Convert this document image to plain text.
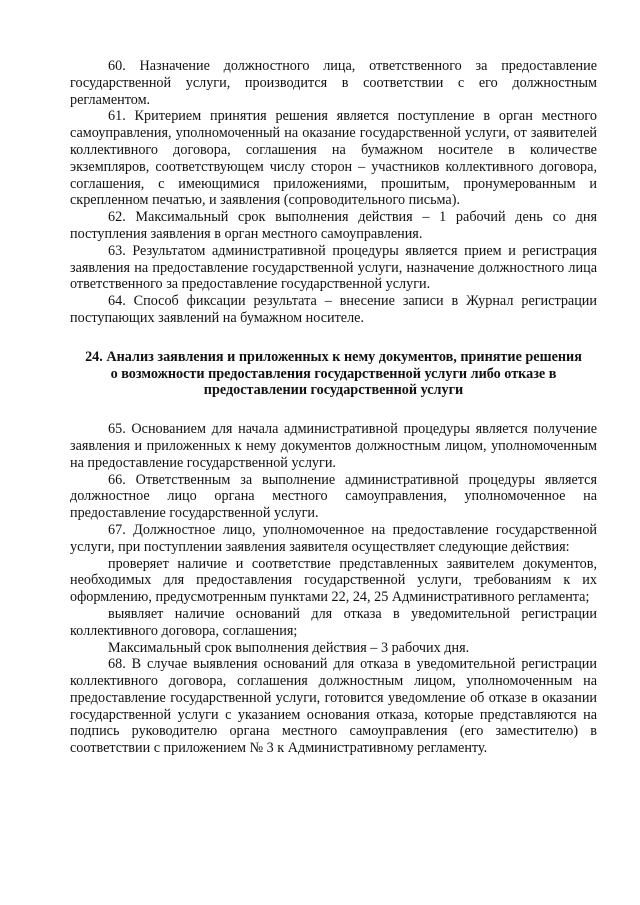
60. Назначение должностного лица, ответственного за предоставление государственной услуги, производится в соответствии с его должностным регламентом.

61. Критерием принятия решения является поступление в орган местного самоуправления, уполномоченный на оказание государственной услуги, от заявителей коллективного договора, соглашения на бумажном носителе в количестве экземпляров, соответствующем числу сторон – участников коллективного договора, соглашения, с имеющимися приложениями, прошитым, пронумерованным и скрепленном печатью, и заявления (сопроводительного письма).

62. Максимальный срок выполнения действия – 1 рабочий день со дня поступления заявления в орган местного самоуправления.

63. Результатом административной процедуры является прием и регистрация заявления на предоставление государственной услуги, назначение должностного лица ответственного за предоставление государственной услуги.

64. Способ фиксации результата – внесение записи в Журнал регистрации поступающих заявлений на бумажном носителе.

24. Анализ заявления и приложенных к нему документов, принятие решения о возможности предоставления государственной услуги либо отказе в предоставлении государственной услуги

65. Основанием для начала административной процедуры является получение заявления и приложенных к нему документов должностным лицом, уполномоченным на предоставление государственной услуги.

66. Ответственным за выполнение административной процедуры является должностное лицо органа местного самоуправления, уполномоченное на предоставление государственной услуги.

67. Должностное лицо, уполномоченное на предоставление государственной услуги, при поступлении заявления заявителя осуществляет следующие действия:

проверяет наличие и соответствие представленных заявителем документов, необходимых для предоставления государственной услуги, требованиям к их оформлению, предусмотренным пунктами 22, 24, 25 Административного регламента;

выявляет наличие оснований для отказа в уведомительной регистрации коллективного договора, соглашения;

Максимальный срок выполнения действия – 3 рабочих дня.

68. В случае выявления оснований для отказа в уведомительной регистрации коллективного договора, соглашения должностным лицом, уполномоченным на предоставление государственной услуги, готовится уведомление об отказе в оказании государственной услуги с указанием основания отказа, которые представляются на подпись руководителю органа местного самоуправления (его заместителю) в соответствии с приложением № 3 к Административному регламенту.
